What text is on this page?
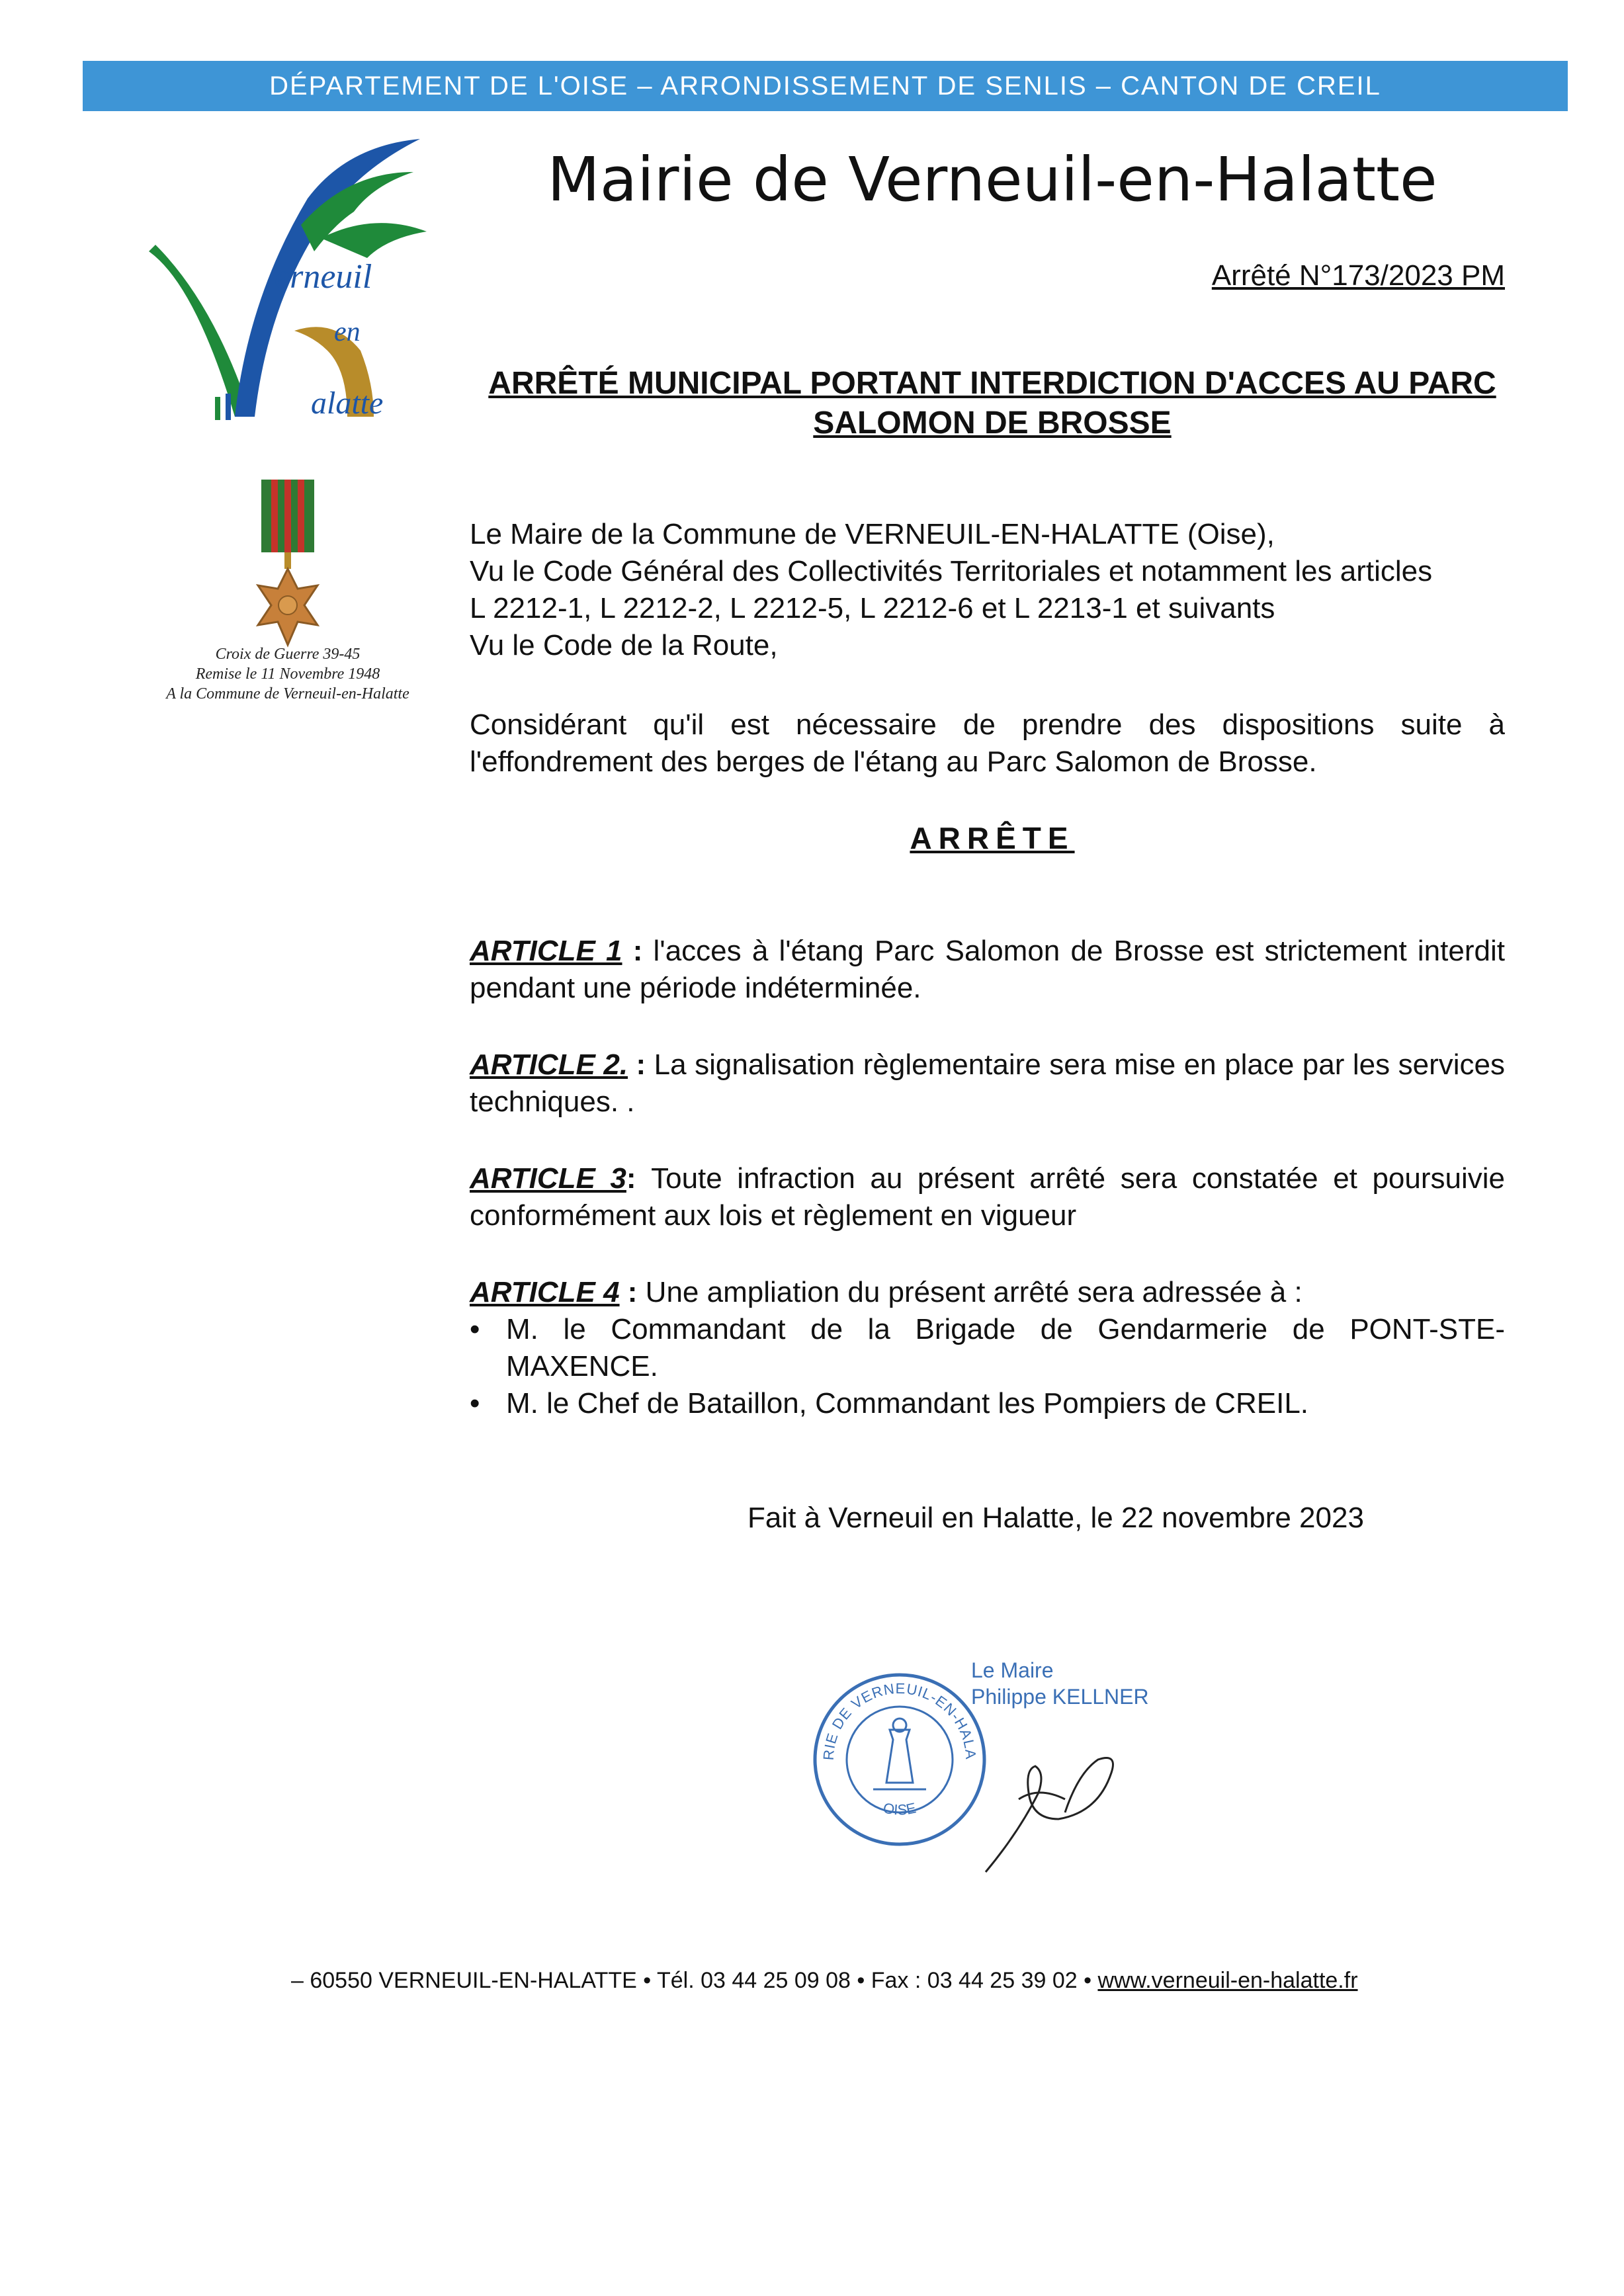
DÉPARTEMENT DE L'OISE – ARRONDISSEMENT DE SENLIS – CANTON DE CREIL
erneuil
en
alatte
Croix de Guerre 39-45
Remise le 11 Novembre 1948
A la Commune de Verneuil-en-Halatte
Mairie de Verneuil-en-Halatte
Arrêté N°173/2023 PM
ARRÊTÉ MUNICIPAL PORTANT INTERDICTION D'ACCES AU PARC
SALOMON DE BROSSE
Le Maire de la Commune de VERNEUIL-EN-HALATTE (Oise),
Vu le Code Général des Collectivités Territoriales et notamment les articles
L 2212-1, L 2212-2, L 2212-5, L 2212-6 et L 2213-1 et suivants
Vu le Code de la Route,
Considérant qu'il est nécessaire de prendre des dispositions suite à l'effondrement des berges de l'étang au Parc Salomon de Brosse.
ARRÊTE
ARTICLE 1 : l'acces à l'étang Parc Salomon de Brosse est strictement interdit pendant une période indéterminée.
ARTICLE 2. : La signalisation règlementaire sera mise en place par les services techniques. .
ARTICLE 3: Toute infraction au présent arrêté sera constatée et poursuivie conformément aux lois et règlement en vigueur
ARTICLE 4 : Une ampliation du présent arrêté sera adressée à :
• M. le Commandant de la Brigade de Gendarmerie de PONT-STE-MAXENCE.
• M. le Chef de Bataillon, Commandant les Pompiers de CREIL.
Fait à Verneuil en Halatte, le 22 novembre 2023
RIE DE VERNEUIL-EN-HALA
OISE
Le Maire
Philippe KELLNER
– 60550 VERNEUIL-EN-HALATTE • Tél. 03 44 25 09 08 • Fax : 03 44 25 39 02 • www.verneuil-en-halatte.fr
